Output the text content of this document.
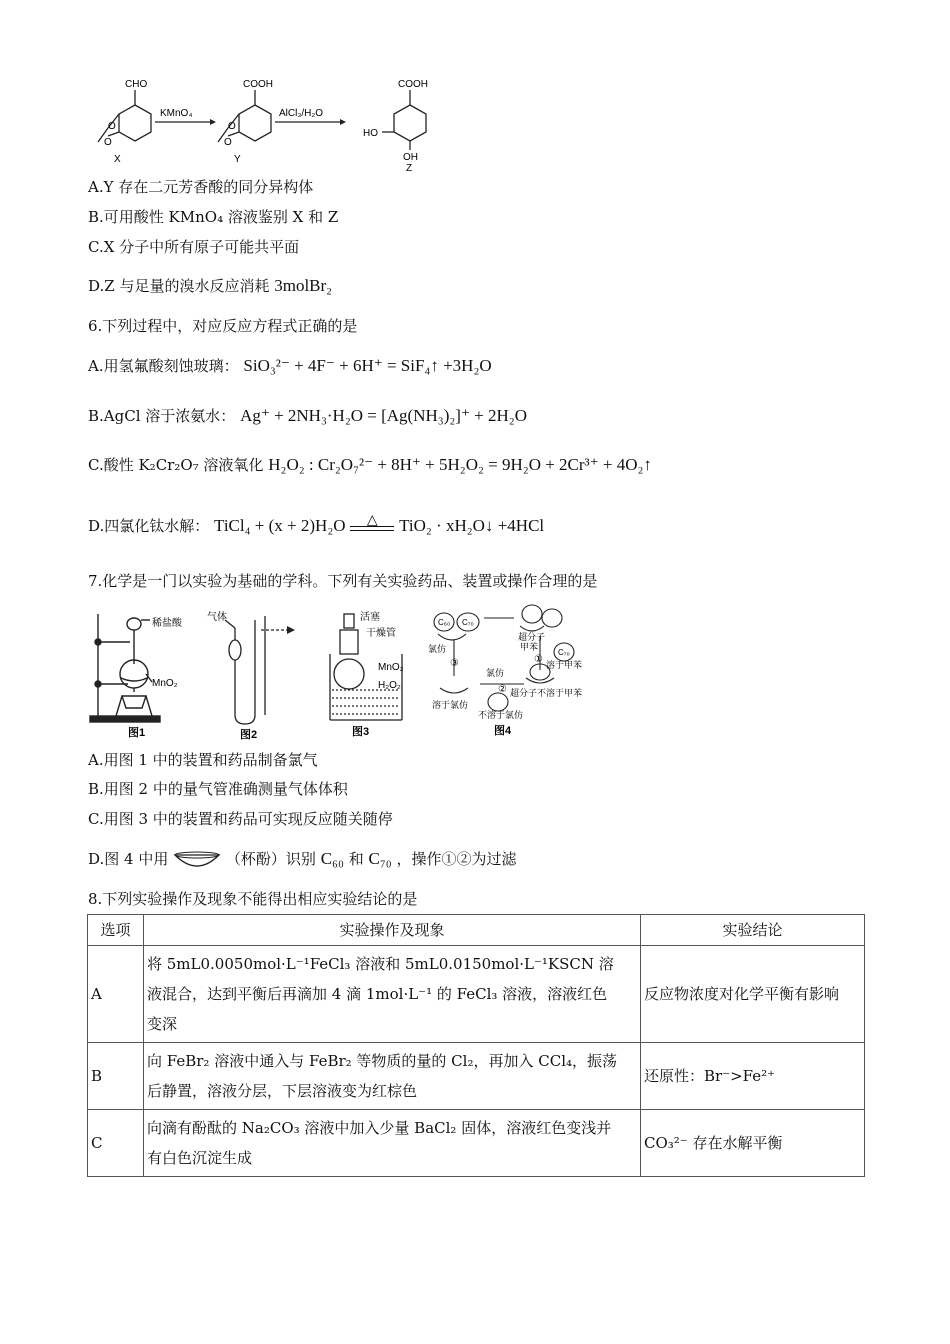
CHO
O
O
X
KMnO₄
COOH
O
O
Y
AlCl₃/H₂O
COOH
HO
OH
Z
A.Y 存在二元芳香酸的同分异构体
B.可用酸性 KMnO₄ 溶液鉴别 X 和 Z
C.X 分子中所有原子可能共平面
D.Z 与足量的溴水反应消耗 3molBr₂
6.下列过程中，对应反应方程式正确的是
A.用氢氟酸刻蚀玻璃： SiO₃²⁻ + 4F⁻ + 6H⁺ = SiF₄↑ +3H₂O
B.AgCl 溶于浓氨水： Ag⁺ + 2NH₃·H₂O = [Ag(NH₃)₂]⁺ + 2H₂O
C.酸性 K₂Cr₂O₇ 溶液氧化 H₂O₂ : Cr₂O₇²⁻ + 8H⁺ + 5H₂O₂ = 9H₂O + 2Cr³⁺ + 4O₂↑
D.四氯化钛水解： TiCl₄ + (x + 2)H₂O	△	TiO₂ · xH₂O↓ +4HCl
7.化学是一门以实验为基础的学科。下列有关实验药品、装置或操作合理的是
稀盐酸
MnO₂
图1
气体
图2
活塞
干燥管
MnO₂
H₂O₂
图3
C₆₀ C₇₀
C₇₀
超分子
甲苯
溶于甲苯
氯仿
氯仿
溶于氯仿
超分子不溶于甲苯
不溶于氯仿
①
②
③
图4
A.用图 1 中的装置和药品制备氯气
B.用图 2 中的量气管准确测量气体体积
C.用图 3 中的装置和药品可实现反应随关随停
D.图 4 中用	（杯酚）识别 C₆₀ 和 C₇₀ ，操作①②为过滤
8.下列实验操作及现象不能得出相应实验结论的是
选项	实验操作及现象	实验结论
A	将 5mL0.0050mol·L⁻¹FeCl₃ 溶液和 5mL0.0150mol·L⁻¹KSCN 溶
液混合，达到平衡后再滴加 4 滴 1mol·L⁻¹ 的 FeCl₃ 溶液，溶液红色
变深	反应物浓度对化学平衡有影响
B	向 FeBr₂ 溶液中通入与 FeBr₂ 等物质的量的 Cl₂，再加入 CCl₄，振荡
后静置，溶液分层，下层溶液变为红棕色	还原性：Br⁻>Fe²⁺
C	向滴有酚酞的 Na₂CO₃ 溶液中加入少量 BaCl₂ 固体，溶液红色变浅并
有白色沉淀生成	CO₃²⁻ 存在水解平衡
